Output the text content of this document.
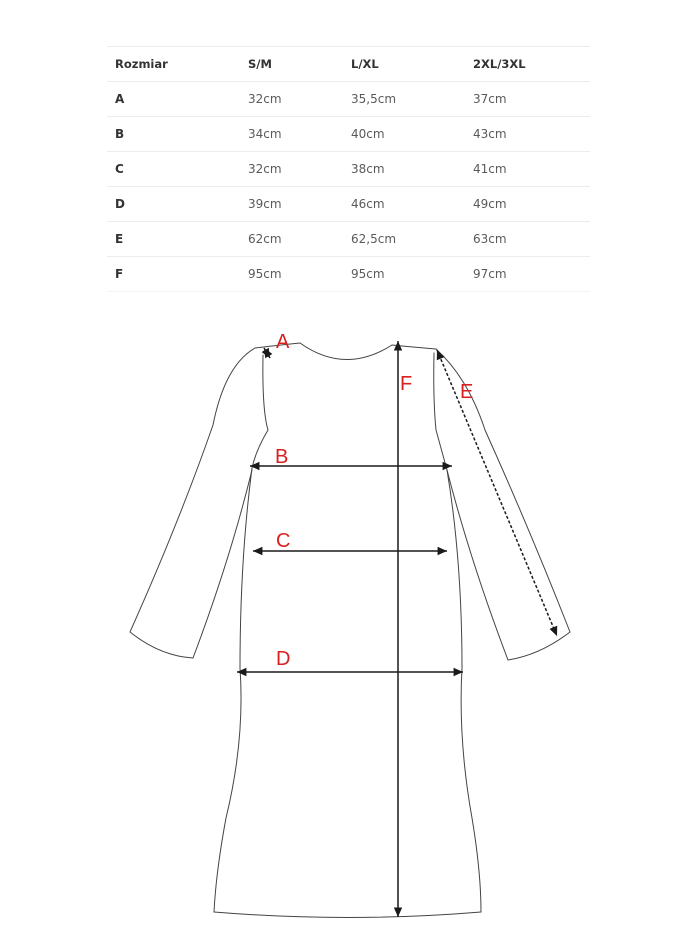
Rozmiar	S/M	L/XL	2XL/3XL
A	32cm	35,5cm	37cm
B	34cm	40cm	43cm
C	32cm	38cm	41cm
D	39cm	46cm	49cm
E	62cm	62,5cm	63cm
F	95cm	95cm	97cm
A
B
C
D
E
F
